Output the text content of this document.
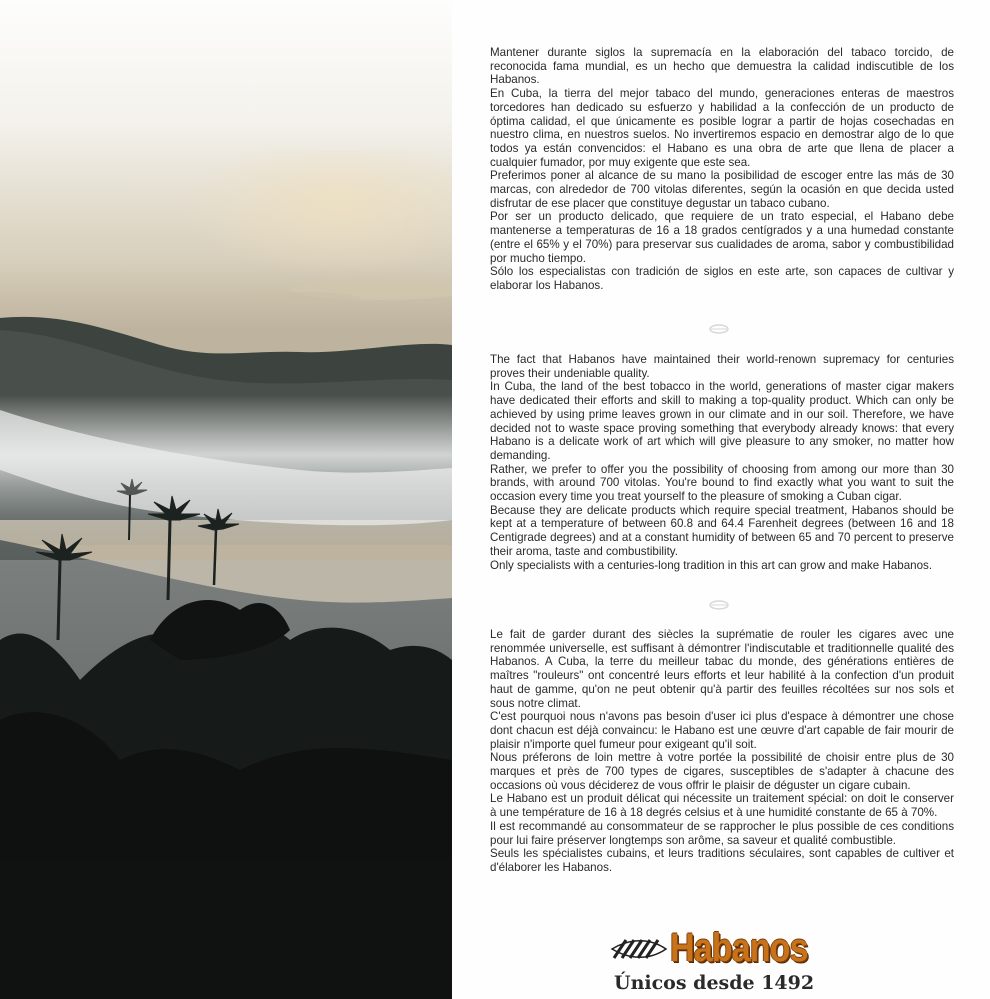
Mantener durante siglos la supremacía en la elaboración del tabaco torcido, de reconocida fama mundial, es un hecho que demuestra la calidad indiscutible de los Habanos.

En Cuba, la tierra del mejor tabaco del mundo, generaciones enteras de maestros torcedores han dedicado su esfuerzo y habilidad a la confección de un producto de óptima calidad, el que únicamente es posible lograr a partir de hojas cosechadas en nuestro clima, en nuestros suelos. No invertiremos espacio en demostrar algo de lo que todos ya están convencidos: el Habano es una obra de arte que llena de placer a cualquier fumador, por muy exigente que este sea.

Preferimos poner al alcance de su mano la posibilidad de escoger entre las más de 30 marcas, con alrededor de 700 vitolas diferentes, según la ocasión en que decida usted disfrutar de ese placer que constituye degustar un tabaco cubano.

Por ser un producto delicado, que requiere de un trato especial, el Habano debe mantenerse a temperaturas de 16 a 18 grados centígrados y a una humedad constante (entre el 65% y el 70%) para preservar sus cualidades de aroma, sabor y combustibilidad por mucho tiempo.

Sólo los especialistas con tradición de siglos en este arte, son capaces de cultivar y elaborar los Habanos.

The fact that Habanos have maintained their world-renown supremacy for centuries proves their undeniable quality.

In Cuba, the land of the best tobacco in the world, generations of master cigar makers have dedicated their efforts and skill to making a top-quality product. Which can only be achieved by using prime leaves grown in our climate and in our soil. Therefore, we have decided not to waste space proving something that everybody already knows: that every Habano is a delicate work of art which will give pleasure to any smoker, no matter how demanding.

Rather, we prefer to offer you the possibility of choosing from among our more than 30 brands, with around 700 vitolas. You're bound to find exactly what you want to suit the occasion every time you treat yourself to the pleasure of smoking a Cuban cigar.

Because they are delicate products which require special treatment, Habanos should be kept at a temperature of between 60.8 and 64.4 Farenheit degrees (between 16 and 18 Centigrade degrees) and at a constant humidity of between 65 and 70 percent to preserve their aroma, taste and combustibility.

Only specialists with a centuries-long tradition in this art can grow and make Habanos.

Le fait de garder durant des siècles la suprématie de rouler les cigares avec une renommée universelle, est suffisant à démontrer l'indiscutable et traditionnelle qualité des Habanos. A Cuba, la terre du meilleur tabac du monde, des générations entières de maîtres "rouleurs" ont concentré leurs efforts et leur habilité à la confection d'un produit haut de gamme, qu'on ne peut obtenir qu'à partir des feuilles récoltées sur nos sols et sous notre climat.

C'est pourquoi nous n'avons pas besoin d'user ici plus d'espace à démontrer une chose dont chacun est déjà convaincu: le Habano est une œuvre d'art capable de fair mourir de plaisir n'importe quel fumeur pour exigeant qu'il soit.

Nous préferons de loin mettre à votre portée la possibilité de choisir entre plus de 30 marques et près de 700 types de cigares, susceptibles de s'adapter à chacune des occasions où vous déciderez de vous offrir le plaisir de déguster un cigare cubain.

Le Habano est un produit délicat qui nécessite un traitement spécial: on doit le conserver à une température de 16 à 18 degrés celsius et à une humidité constante de 65 à 70%.

Il est recommandé au consommateur de se rapprocher le plus possible de ces conditions pour lui faire préserver longtemps son arôme, sa saveur et qualité combustible.

Seuls les spécialistes cubains, et leurs traditions séculaires, sont capables de cultiver et d'élaborer les Habanos.

Habanos
Únicos desde 1492
